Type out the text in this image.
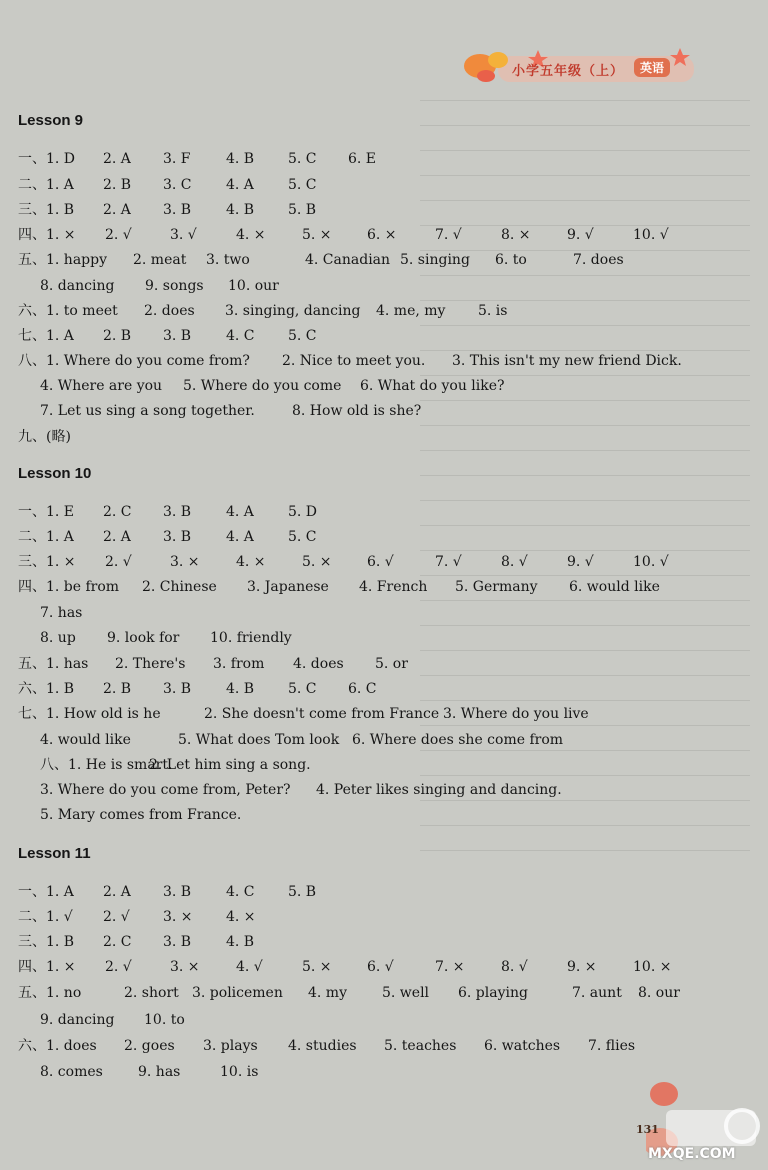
小学五年级（上）	英语
Lesson 9
一、1. D 2. A 3. F	4. B 5. C 6. E
二、1. A 2. B 3. C 4. A 5. C
三、1. B 2. A 3. B 4. B 5. B
四、1. × 2. √	3. √	4. ×	5. ×	6. ×	7. √	8. ×	9. √	10. √
五、1. happy 2. meat 3. two	4. Canadian 5. singing 6. to	7. does
8. dancing 9. songs 10. our
六、1. to meet 2. does 3. singing, dancing 4. me, my 5. is
七、1. A 2. B 3. B 4. C 5. C
八、1. Where do you come from? 2. Nice to meet you. 3. This isn't my new friend Dick.
4. Where are you 5. Where do you come 6. What do you like?
7. Let us sing a song together.	8. How old is she?
九、(略)
Lesson 10
一、1. E 2. C 3. B 4. A 5. D
二、1. A 2. A 3. B 4. A 5. C
三、1. × 2. √	3. ×	4. ×	5. ×	6. √	7. √	8. √	9. √	10. √
四、1. be from 2. Chinese 3. Japanese 4. French 5. Germany 6. would like
7. has
8. up 9. look for 10. friendly
五、1. has 2. There's 3. from 4. does 5. or
六、1. B 2. B 3. B 4. B 5. C 6. C
七、1. How old is he	2. She doesn't come from France 3. Where do you live
4. would like	5. What does Tom look 6. Where does she come from
八、1. He is smart.
2. Let him sing a song.
3. Where do you come from, Peter? 4. Peter likes singing and dancing.
5. Mary comes from France.
Lesson 11
一、1. A 2. A 3. B 4. C 5. B
二、1. √ 2. √ 3. × 4. ×
三、1. B 2. C 3. B 4. B
四、1. × 2. √	3. ×	4. √	5. ×	6. √	7. ×	8. √	9. ×	10. ×
五、1. no	2. short 3. policemen 4. my	5. well 6. playing	7. aunt 8. our
9. dancing 10. to
六、1. does 2. goes 3. plays 4. studies 5. teaches 6. watches 7. flies
8. comes	9. has	10. is
131
MXQE.COM
